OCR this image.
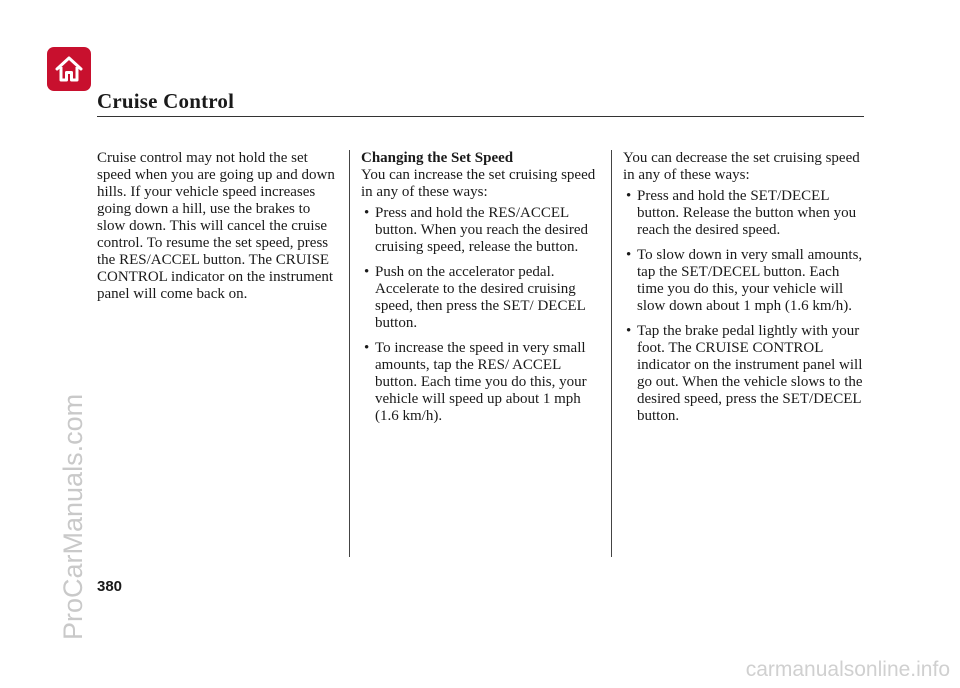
Cruise Control

Cruise control may not hold the set speed when you are going up and down hills. If your vehicle speed increases going down a hill, use the brakes to slow down. This will cancel the cruise control. To resume the set speed, press the RES/ACCEL button. The CRUISE CONTROL indicator on the instrument panel will come back on.

Changing the Set Speed

You can increase the set cruising speed in any of these ways:

• Press and hold the RES/ACCEL button. When you reach the desired cruising speed, release the button.
• Push on the accelerator pedal. Accelerate to the desired cruising speed, then press the SET/ DECEL button.
• To increase the speed in very small amounts, tap the RES/ ACCEL button. Each time you do this, your vehicle will speed up about 1 mph (1.6 km/h).

You can decrease the set cruising speed in any of these ways:

• Press and hold the SET/DECEL button. Release the button when you reach the desired speed.
• To slow down in very small amounts, tap the SET/DECEL button. Each time you do this, your vehicle will slow down about 1 mph (1.6 km/h).
• Tap the brake pedal lightly with your foot. The CRUISE CONTROL indicator on the instrument panel will go out. When the vehicle slows to the desired speed, press the SET/DECEL button.

380

ProCarManuals.com
carmanualsonline.info
